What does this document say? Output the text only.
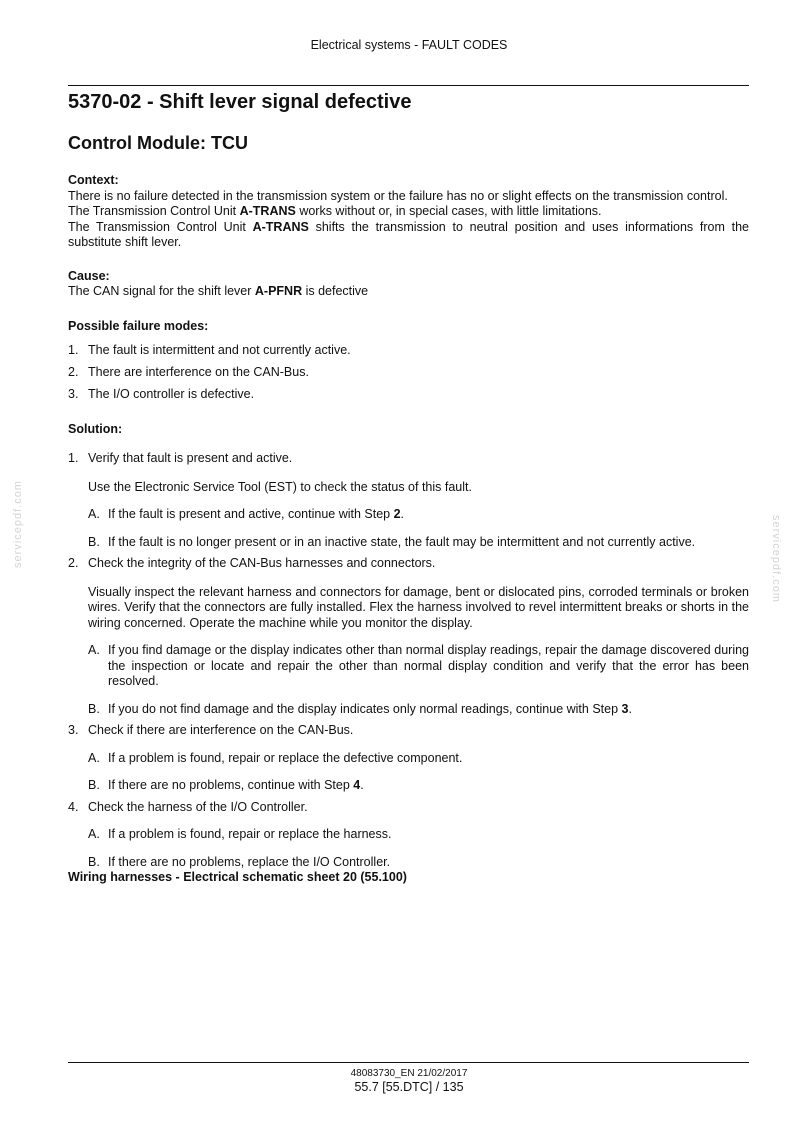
Electrical systems - FAULT CODES
servicepdf.com	servicepdf.com
5370-02 - Shift lever signal defective
Control Module: TCU
Context:

There is no failure detected in the transmission system or the failure has no or slight effects on the transmission control.

The Transmission Control Unit A-TRANS works without or, in special cases, with little limitations.

The Transmission Control Unit A-TRANS shifts the transmission to neutral position and uses informations from the substitute shift lever.

Cause:

The CAN signal for the shift lever A-PFNR is defective

Possible failure modes:
1. The fault is intermittent and not currently active.
2. There are interference on the CAN-Bus.
3. The I/O controller is defective.
Solution:
1. Verify that fault is present and active.

Use the Electronic Service Tool (EST) to check the status of this fault.

A. If the fault is present and active, continue with Step 2.
B. If the fault is no longer present or in an inactive state, the fault may be intermittent and not currently active.
2. Check the integrity of the CAN-Bus harnesses and connectors.

Visually inspect the relevant harness and connectors for damage, bent or dislocated pins, corroded terminals or broken wires. Verify that the connectors are fully installed. Flex the harness involved to revel intermittent breaks or shorts in the wiring concerned. Operate the machine while you monitor the display.

A. If you find damage or the display indicates other than normal display readings, repair the damage discovered during the inspection or locate and repair the other than normal display condition and verify that the error has been resolved.
B. If you do not find damage and the display indicates only normal readings, continue with Step 3.
3. Check if there are interference on the CAN-Bus.
A. If a problem is found, repair or replace the defective component.
B. If there are no problems, continue with Step 4.
4. Check the harness of the I/O Controller.
A. If a problem is found, repair or replace the harness.
B. If there are no problems, replace the I/O Controller.
Wiring harnesses - Electrical schematic sheet 20 (55.100)
48083730_EN 21/02/2017
55.7 [55.DTC] / 135
